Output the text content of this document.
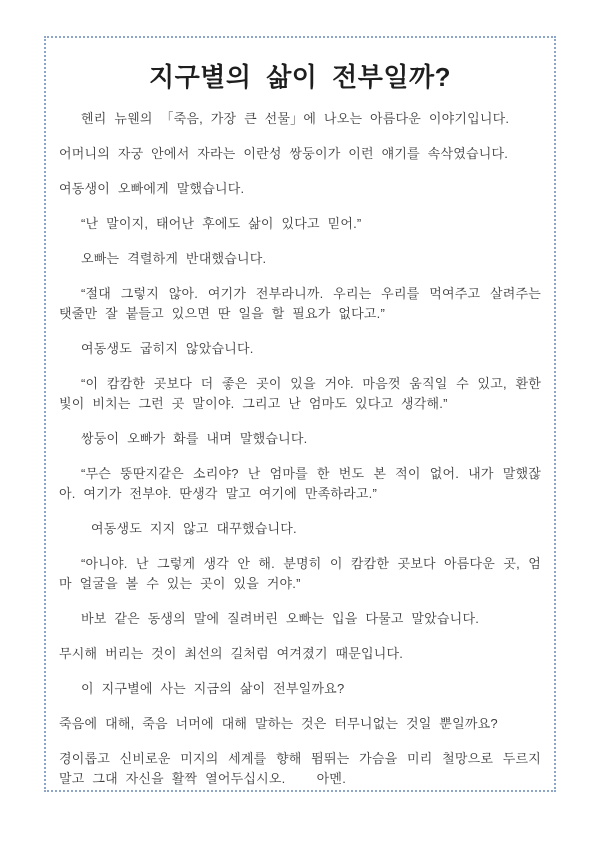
지구별의 삶이 전부일까?

헨리 뉴웬의 「죽음, 가장 큰 선물」에 나오는 아름다운 이야기입니다.

어머니의 자궁 안에서 자라는 이란성 쌍둥이가 이런 얘기를 속삭였습니다.

여동생이 오빠에게 말했습니다.

“난 말이지, 태어난 후에도 삶이 있다고 믿어.”

오빠는 격렬하게 반대했습니다.

“절대 그렇지 않아. 여기가 전부라니까. 우리는 우리를 먹여주고 살려주는 탯줄만 잘 붙들고 있으면 딴 일을 할 필요가 없다고.”

여동생도 굽히지 않았습니다.

“이 캄캄한 곳보다 더 좋은 곳이 있을 거야. 마음껏 움직일 수 있고, 환한 빛이 비치는 그런 곳 말이야. 그리고 난 엄마도 있다고 생각해.”

쌍둥이 오빠가 화를 내며 말했습니다.

“무슨 뚱딴지같은 소리야? 난 엄마를 한 번도 본 적이 없어. 내가 말했잖아. 여기가 전부야. 딴생각 말고 여기에 만족하라고.”

여동생도 지지 않고 대꾸했습니다.

“아니야. 난 그렇게 생각 안 해. 분명히 이 캄캄한 곳보다 아름다운 곳, 엄마 얼굴을 볼 수 있는 곳이 있을 거야.”

바보 같은 동생의 말에 질려버린 오빠는 입을 다물고 말았습니다.

무시해 버리는 것이 최선의 길처럼 여겨졌기 때문입니다.

이 지구별에 사는 지금의 삶이 전부일까요?

죽음에 대해, 죽음 너머에 대해 말하는 것은 터무니없는 것일 뿐일까요?

경이롭고 신비로운 미지의 세계를 향해 뜀뛰는 가슴을 미리 철망으로 두르지 말고 그대 자신을 활짝 열어두십시오.    아멘.
